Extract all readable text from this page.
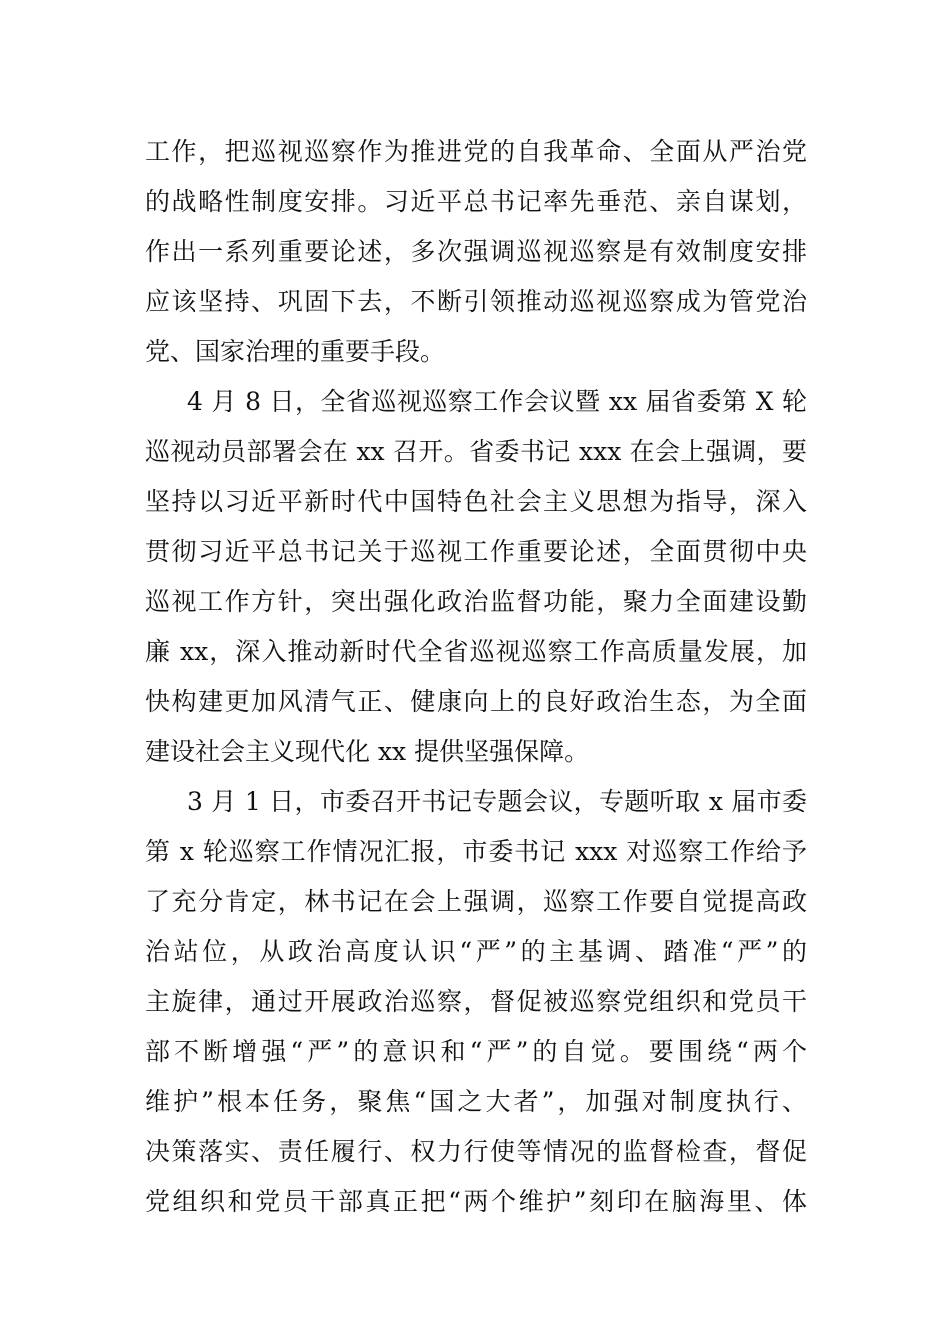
工作，把巡视巡察作为推进党的自我革命、全面从严治党
的战略性制度安排。习近平总书记率先垂范、亲自谋划，
作出一系列重要论述，多次强调巡视巡察是有效制度安排
应该坚持、巩固下去，不断引领推动巡视巡察成为管党治
党、国家治理的重要手段。
4 月 8 日，全省巡视巡察工作会议暨 xx 届省委第 X 轮
巡视动员部署会在 xx 召开。省委书记 xxx 在会上强调，要
坚持以习近平新时代中国特色社会主义思想为指导，深入
贯彻习近平总书记关于巡视工作重要论述，全面贯彻中央
巡视工作方针，突出强化政治监督功能，聚力全面建设勤
廉 xx，深入推动新时代全省巡视巡察工作高质量发展，加
快构建更加风清气正、健康向上的良好政治生态，为全面
建设社会主义现代化 xx 提供坚强保障。
3 月 1 日，市委召开书记专题会议，专题听取 x 届市委
第 x 轮巡察工作情况汇报，市委书记 xxx 对巡察工作给予
了充分肯定，林书记在会上强调，巡察工作要自觉提高政
治站位，从政治高度认识“严”的主基调、踏准“严”的
主旋律，通过开展政治巡察，督促被巡察党组织和党员干
部不断增强“严”的意识和“严”的自觉。要围绕“两个
维护”根本任务，聚焦“国之大者”，加强对制度执行、
决策落实、责任履行、权力行使等情况的监督检查，督促
党组织和党员干部真正把“两个维护”刻印在脑海里、体
